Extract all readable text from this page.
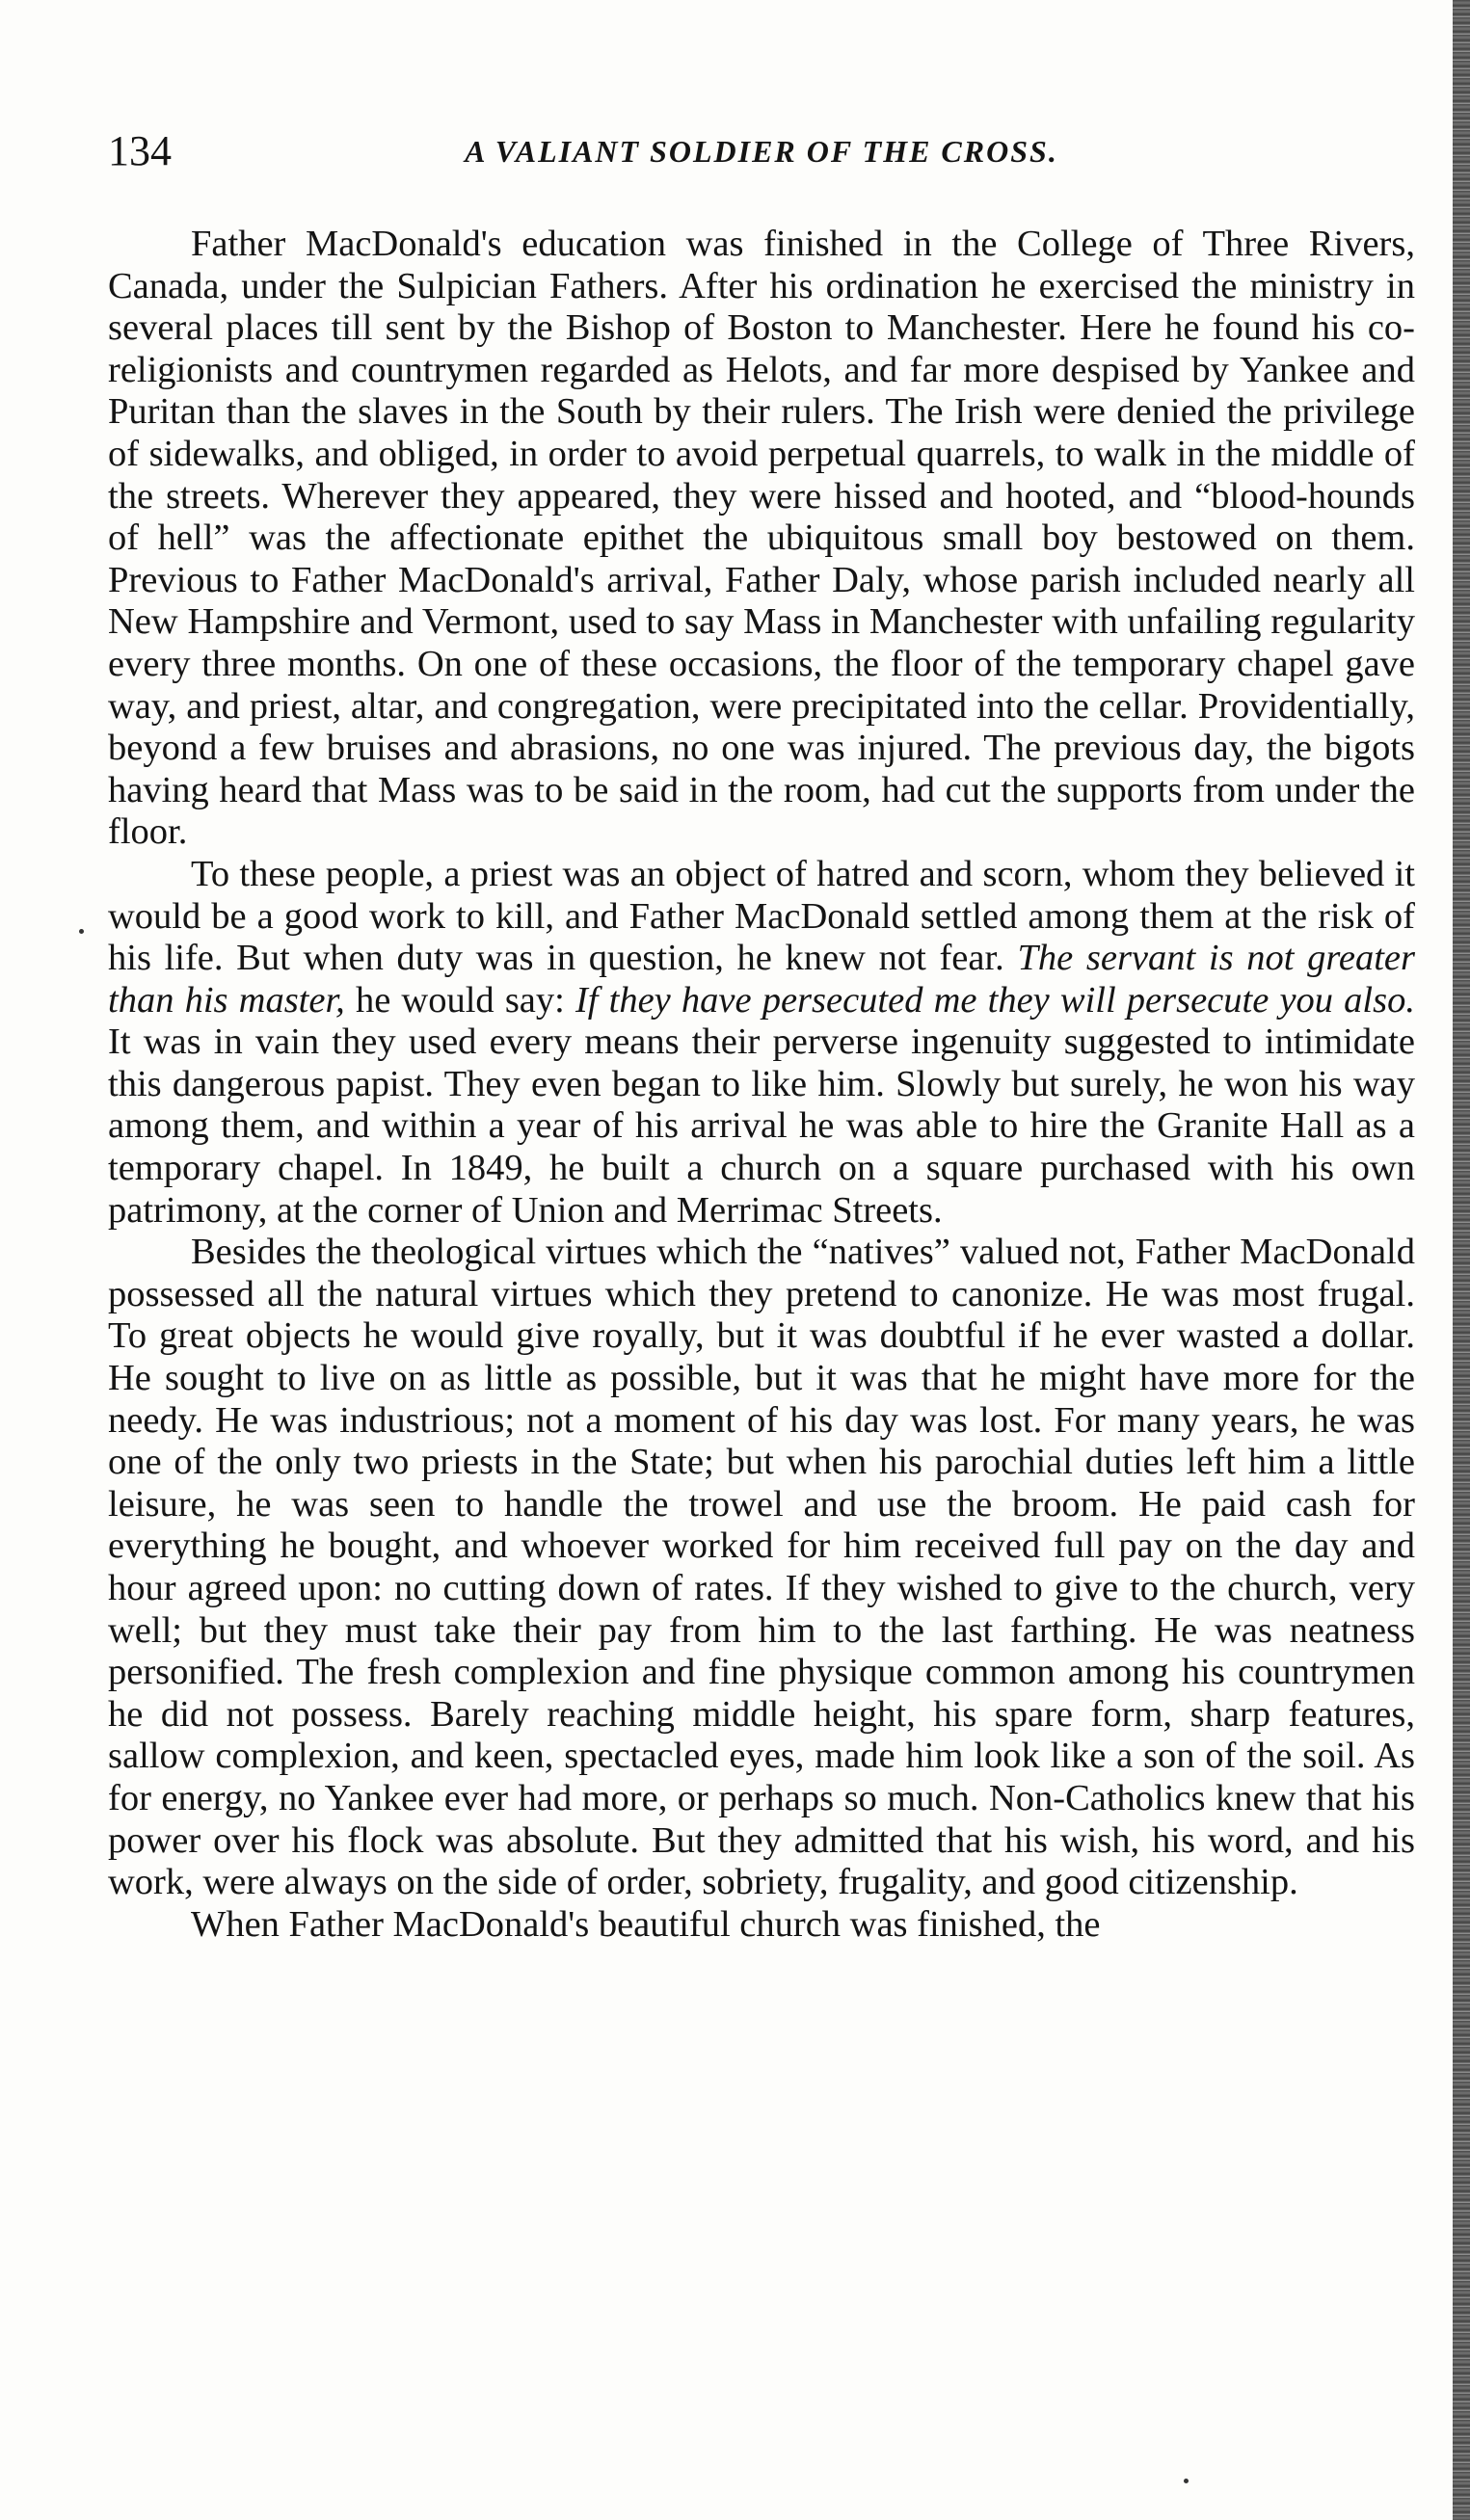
134	A VALIANT SOLDIER OF THE CROSS.

Father MacDonald's education was finished in the College of Three Rivers, Canada, under the Sulpician Fathers. After his ordination he exercised the ministry in several places till sent by the Bishop of Boston to Manchester. Here he found his co-religionists and countrymen regarded as Helots, and far more despised by Yankee and Puritan than the slaves in the South by their rulers. The Irish were denied the privilege of sidewalks, and obliged, in order to avoid perpetual quarrels, to walk in the middle of the streets. Wherever they appeared, they were hissed and hooted, and “blood-hounds of hell” was the affectionate epithet the ubiquitous small boy bestowed on them. Previous to Father MacDonald's arrival, Father Daly, whose parish included nearly all New Hampshire and Vermont, used to say Mass in Manchester with unfailing regularity every three months. On one of these occasions, the floor of the temporary chapel gave way, and priest, altar, and congregation, were precipitated into the cellar. Providentially, beyond a few bruises and abrasions, no one was injured. The previous day, the bigots having heard that Mass was to be said in the room, had cut the supports from under the floor.

To these people, a priest was an object of hatred and scorn, whom they believed it would be a good work to kill, and Father MacDonald settled among them at the risk of his life. But when duty was in question, he knew not fear. The servant is not greater than his master, he would say: If they have persecuted me they will persecute you also. It was in vain they used every means their perverse ingenuity suggested to intimidate this dangerous papist. They even began to like him. Slowly but surely, he won his way among them, and within a year of his arrival he was able to hire the Granite Hall as a temporary chapel. In 1849, he built a church on a square purchased with his own patrimony, at the corner of Union and Merrimac Streets.

Besides the theological virtues which the “natives” valued not, Father MacDonald possessed all the natural virtues which they pretend to canonize. He was most frugal. To great objects he would give royally, but it was doubtful if he ever wasted a dollar. He sought to live on as little as possible, but it was that he might have more for the needy. He was industrious; not a moment of his day was lost. For many years, he was one of the only two priests in the State; but when his parochial duties left him a little leisure, he was seen to handle the trowel and use the broom. He paid cash for everything he bought, and whoever worked for him received full pay on the day and hour agreed upon: no cutting down of rates. If they wished to give to the church, very well; but they must take their pay from him to the last farthing. He was neatness personified. The fresh complexion and fine physique common among his countrymen he did not possess. Barely reaching middle height, his spare form, sharp features, sallow complexion, and keen, spectacled eyes, made him look like a son of the soil. As for energy, no Yankee ever had more, or perhaps so much. Non-Catholics knew that his power over his flock was absolute. But they admitted that his wish, his word, and his work, were always on the side of order, sobriety, frugality, and good citizenship.

When Father MacDonald's beautiful church was finished, the
